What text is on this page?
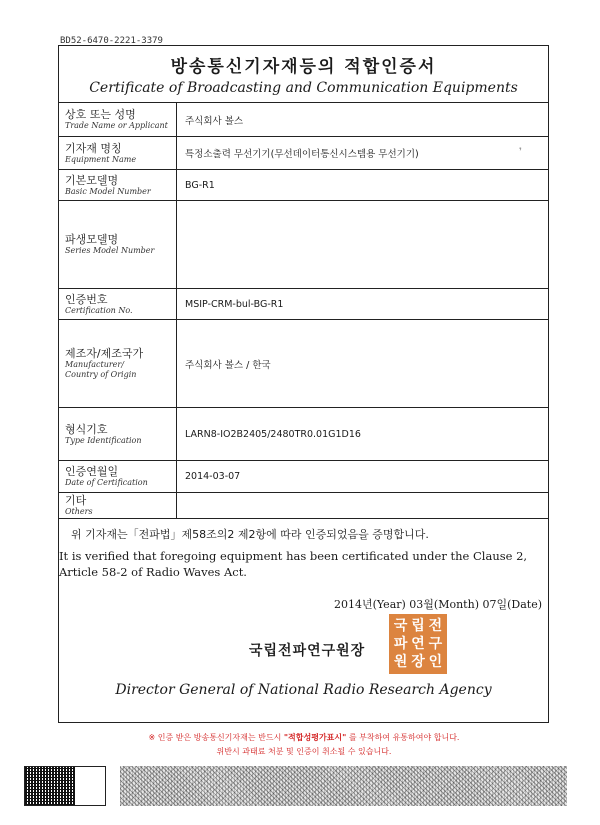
BD52-6470-2221-3379
방송통신기자재등의 적합인증서
Certificate of Broadcasting and Communication Equipments
상호 또는 성명
Trade Name or Applicant	주식회사 볼스

기자재 명칭
Equipment Name	특정소출력 무선기기(무선데이터통신시스템용 무선기기)

기본모델명
Basic Model Number	BG-R1

파생모델명
Series Model Number	

인증번호
Certification No.	MSIP-CRM-bul-BG-R1

제조자/제조국가
Manufacturer/
Country of Origin	주식회사 볼스 / 한국

형식기호
Type Identification	LARN8-IO2B2405/2480TR0.01G1D16

인증연월일
Date of Certification	2014-03-07

기타
Others	

위 기자재는「전파법」제58조의2 제2항에 따라 인증되었음을 증명합니다.
It is verified that foregoing equipment has been certificated under the Clause 2, Article 58-2 of Radio Waves Act.
2014년(Year) 03월(Month) 07일(Date)
국립전파연구원장
국 립 전
파 연 구
원 장 인
Director General of National Radio Research Agency
❜
※ 인증 받은 방송통신기자재는 반드시 "적합성평가표시" 를 부착하여 유통하여야 합니다.
위반시 과태료 처분 및 인증이 취소될 수 있습니다.
